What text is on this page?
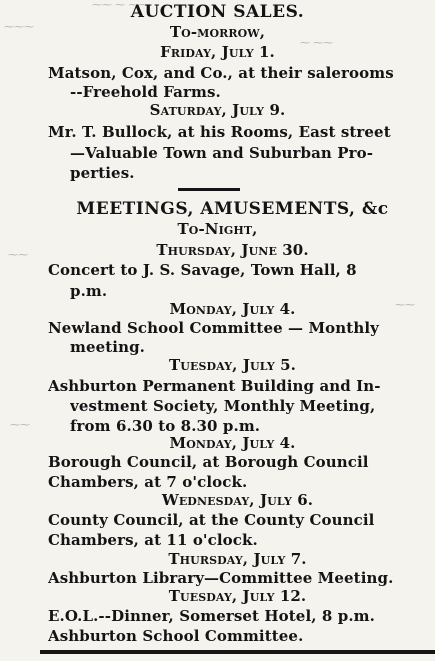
⁓⁓ ⁓ ⁓⁓
⁓⁓⁓
⁓ ⁓⁓
⁓⁓
⁓⁓
⁓⁓
AUCTION SALES.
To-morrow,
Friday, July 1.
Matson, Cox, and Co., at their salerooms
--Freehold Farms.
Saturday, July 9.
Mr. T. Bullock, at his Rooms, East street
—Valuable Town and Suburban Pro-
perties.
MEETINGS, AMUSEMENTS, &c
To-Night,
Thursday, June 30.
Concert to J. S. Savage, Town Hall, 8
p.m.
Monday, July 4.
Newland School Committee — Monthly
meeting.
Tuesday, July 5.
Ashburton Permanent Building and In-
vestment Society, Monthly Meeting,
from 6.30 to 8.30 p.m.
Monday, July 4.
Borough Council, at Borough Council
Chambers, at 7 o'clock.
Wednesday, July 6.
County Council, at the County Council
Chambers, at 11 o'clock.
Thursday, July 7.
Ashburton Library—Committee Meeting.
Tuesday, July 12.
E.O.L.--Dinner, Somerset Hotel, 8 p.m.
Ashburton School Committee.
